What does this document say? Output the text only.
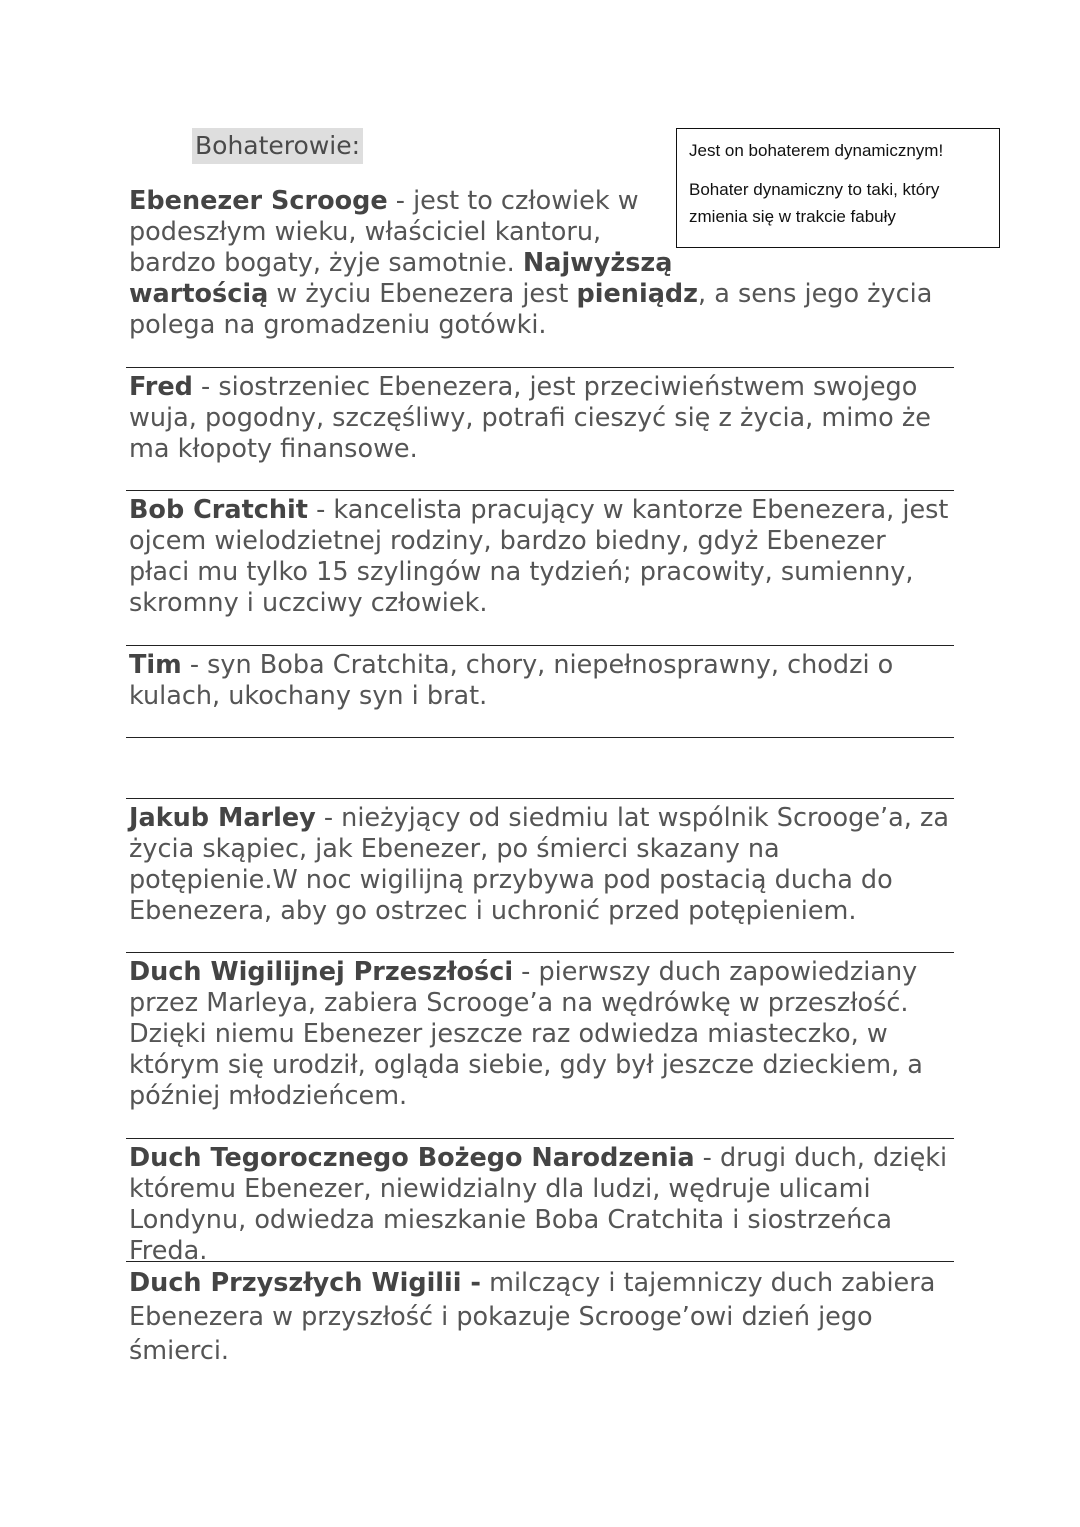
Bohaterowie:	Jest on bohaterem dynamicznym!

Bohater dynamiczny to taki, który

zmienia się w trakcie fabuły

Ebenezer Scrooge - jest to człowiek w
podeszłym wieku, właściciel kantoru,
bardzo bogaty, żyje samotnie. Najwyższą
wartością w życiu Ebenezera jest pieniądz, a sens jego życia
polega na gromadzeniu gotówki.
Fred - siostrzeniec Ebenezera, jest przeciwieństwem swojego wuja, pogodny, szczęśliwy, potrafi cieszyć się z życia, mimo że ma kłopoty finansowe.
Bob Cratchit - kancelista pracujący w kantorze Ebenezera, jest ojcem wielodzietnej rodziny, bardzo biedny, gdyż Ebenezer płaci mu tylko 15 szylingów na tydzień; pracowity, sumienny, skromny i uczciwy człowiek.
Tim - syn Boba Cratchita, chory, niepełnosprawny, chodzi o kulach, ukochany syn i brat.
Jakub Marley - nieżyjący od siedmiu lat wspólnik Scrooge’a, za życia skąpiec, jak Ebenezer, po śmierci skazany na potępienie.W noc wigilijną przybywa pod postacią ducha do Ebenezera, aby go ostrzec i uchronić przed potępieniem.
Duch Wigilijnej Przeszłości - pierwszy duch zapowiedziany przez Marleya, zabiera Scrooge’a na wędrówkę w przeszłość. Dzięki niemu Ebenezer jeszcze raz odwiedza miasteczko, w którym się urodził, ogląda siebie, gdy był jeszcze dzieckiem, a później młodzieńcem.
Duch Tegorocznego Bożego Narodzenia - drugi duch, dzięki któremu Ebenezer, niewidzialny dla ludzi, wędruje ulicami Londynu, odwiedza mieszkanie Boba Cratchita i siostrzeńca Freda.
Duch Przyszłych Wigilii - milczący i tajemniczy duch zabiera Ebenezera w przyszłość i pokazuje Scrooge’owi dzień jego śmierci.
